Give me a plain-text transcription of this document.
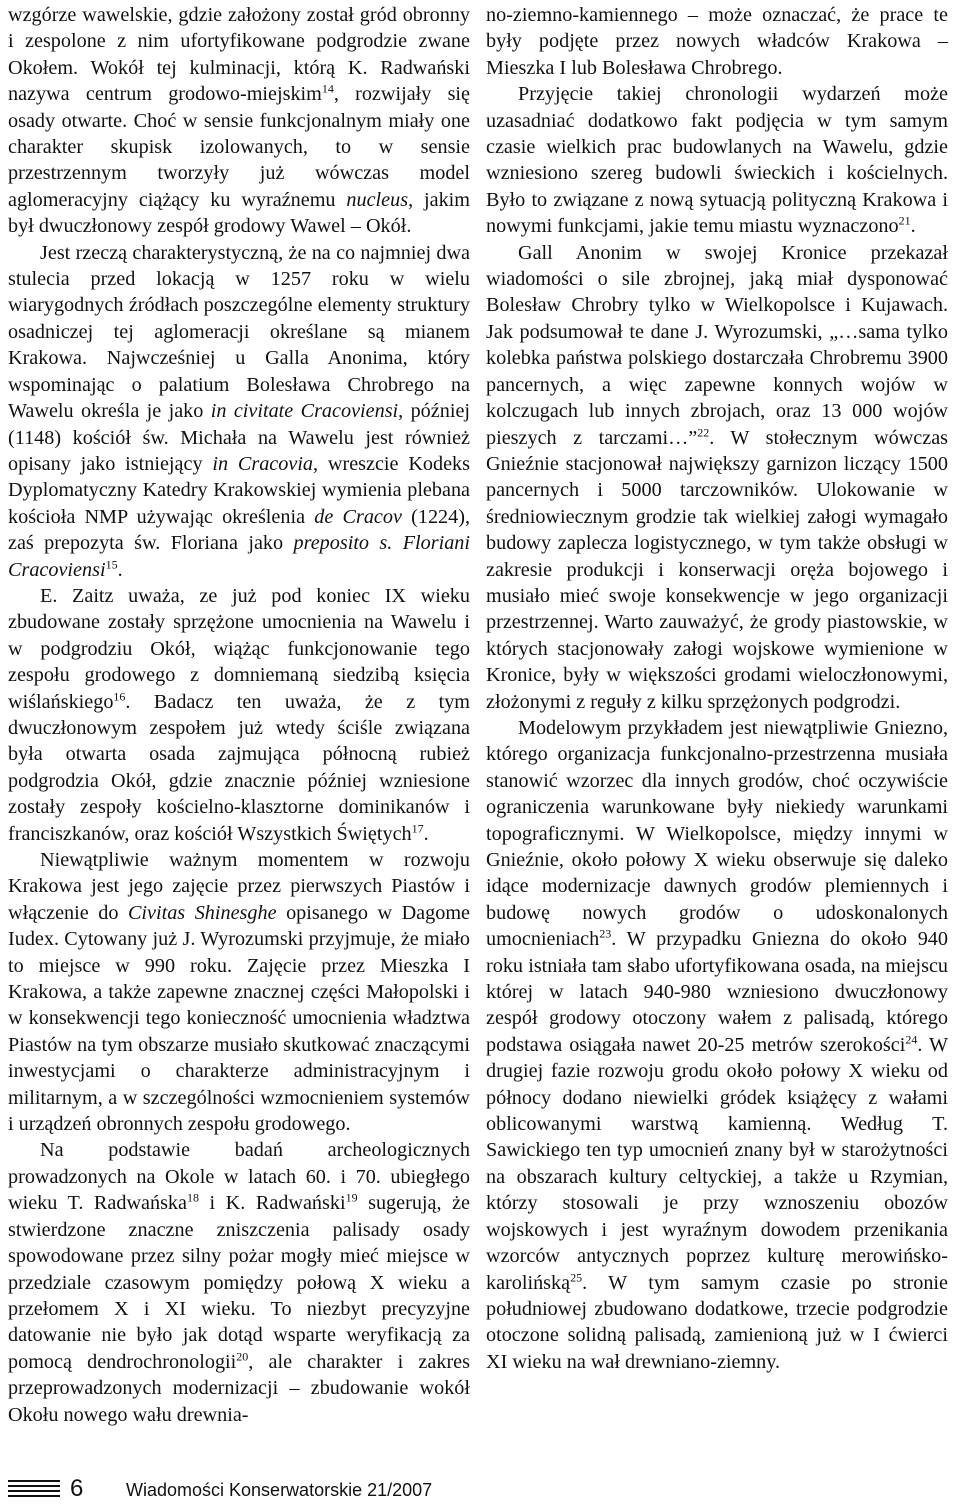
wzgórze wawelskie, gdzie założony został gród obronny i zespolone z nim ufortyfikowane podgrodzie zwane Okołem. Wokół tej kulminacji, którą K. Radwański nazywa centrum grodowo-miejskim$^{14}$, rozwijały się osady otwarte. Choć w sensie funkcjonalnym miały one charakter skupisk izolowanych, to w sensie przestrzennym tworzyły już wówczas model aglomeracyjny ciążący ku wyraźnemu nucleus, jakim był dwuczłonowy zespół grodowy Wawel – Okół.

Jest rzeczą charakterystyczną, że na co najmniej dwa stulecia przed lokacją w 1257 roku w wielu wiarygodnych źródłach poszczególne elementy struktury osadniczej tej aglomeracji określane są mianem Krakowa. Najwcześniej u Galla Anonima, który wspominając o palatium Bolesława Chrobrego na Wawelu określa je jako in civitate Cracoviensi, później (1148) kościół św. Michała na Wawelu jest również opisany jako istniejący in Cracovia, wreszcie Kodeks Dyplomatyczny Katedry Krakowskiej wymienia plebana kościoła NMP używając określenia de Cracov (1224), zaś prepozyta św. Floriana jako preposito s. Floriani Cracoviensi$^{15}$.

E. Zaitz uważa, ze już pod koniec IX wieku zbudowane zostały sprzężone umocnienia na Wawelu i w podgrodziu Okół, wiążąc funkcjonowanie tego zespołu grodowego z domniemaną siedzibą księcia wiślańskiego$^{16}$. Badacz ten uważa, że z tym dwuczłonowym zespołem już wtedy ściśle związana była otwarta osada zajmująca północną rubież podgrodzia Okół, gdzie znacznie później wzniesione zostały zespoły kościelno-klasztorne dominikanów i franciszkanów, oraz kościół Wszystkich Świętych$^{17}$.

Niewątpliwie ważnym momentem w rozwoju Krakowa jest jego zajęcie przez pierwszych Piastów i włączenie do Civitas Shinesghe opisanego w Dagome Iudex. Cytowany już J. Wyrozumski przyjmuje, że miało to miejsce w 990 roku. Zajęcie przez Mieszka I Krakowa, a także zapewne znacznej części Małopolski i w konsekwencji tego konieczność umocnienia władztwa Piastów na tym obszarze musiało skutkować znaczącymi inwestycjami o charakterze administracyjnym i militarnym, a w szczególności wzmocnieniem systemów i urządzeń obronnych zespołu grodowego.

Na podstawie badań archeologicznych prowadzonych na Okole w latach 60. i 70. ubiegłego wieku T. Radwańska$^{18}$ i K. Radwański$^{19}$ sugerują, że stwierdzone znaczne zniszczenia palisady osady spowodowane przez silny pożar mogły mieć miejsce w przedziale czasowym pomiędzy połową X wieku a przełomem X i XI wieku. To niezbyt precyzyjne datowanie nie było jak dotąd wsparte weryfikacją za pomocą dendrochronologii$^{20}$, ale charakter i zakres przeprowadzonych modernizacji – zbudowanie wokół Okołu nowego wału drewnia-

no-ziemno-kamiennego – może oznaczać, że prace te były podjęte przez nowych władców Krakowa – Mieszka I lub Bolesława Chrobrego.

Przyjęcie takiej chronologii wydarzeń może uzasadniać dodatkowo fakt podjęcia w tym samym czasie wielkich prac budowlanych na Wawelu, gdzie wzniesiono szereg budowli świeckich i kościelnych. Było to związane z nową sytuacją polityczną Krakowa i nowymi funkcjami, jakie temu miastu wyznaczono$^{21}$.

Gall Anonim w swojej Kronice przekazał wiadomości o sile zbrojnej, jaką miał dysponować Bolesław Chrobry tylko w Wielkopolsce i Kujawach. Jak podsumował te dane J. Wyrozumski, „…sama tylko kolebka państwa polskiego dostarczała Chrobremu 3900 pancernych, a więc zapewne konnych wojów w kolczugach lub innych zbrojach, oraz 13 000 wojów pieszych z tarczami…”$^{22}$. W stołecznym wówczas Gnieźnie stacjonował największy garnizon liczący 1500 pancernych i 5000 tarczowników. Ulokowanie w średniowiecznym grodzie tak wielkiej załogi wymagało budowy zaplecza logistycznego, w tym także obsługi w zakresie produkcji i konserwacji oręża bojowego i musiało mieć swoje konsekwencje w jego organizacji przestrzennej. Warto zauważyć, że grody piastowskie, w których stacjonowały załogi wojskowe wymienione w Kronice, były w większości grodami wieloczłonowymi, złożonymi z reguły z kilku sprzężonych podgrodzi.

Modelowym przykładem jest niewątpliwie Gniezno, którego organizacja funkcjonalno-przestrzenna musiała stanowić wzorzec dla innych grodów, choć oczywiście ograniczenia warunkowane były niekiedy warunkami topograficznymi. W Wielkopolsce, między innymi w Gnieźnie, około połowy X wieku obserwuje się daleko idące modernizacje dawnych grodów plemiennych i budowę nowych grodów o udoskonalonych umocnieniach$^{23}$. W przypadku Gniezna do około 940 roku istniała tam słabo ufortyfikowana osada, na miejscu której w latach 940-980 wzniesiono dwuczłonowy zespół grodowy otoczony wałem z palisadą, którego podstawa osiągała nawet 20-25 metrów szerokości$^{24}$. W drugiej fazie rozwoju grodu około połowy X wieku od północy dodano niewielki gródek książęcy z wałami oblicowanymi warstwą kamienną. Według T. Sawickiego ten typ umocnień znany był w starożytności na obszarach kultury celtyckiej, a także u Rzymian, którzy stosowali je przy wznoszeniu obozów wojskowych i jest wyraźnym dowodem przenikania wzorców antycznych poprzez kulturę merowińsko-karolińską$^{25}$. W tym samym czasie po stronie południowej zbudowano dodatkowe, trzecie podgrodzie otoczone solidną palisadą, zamienioną już w I ćwierci XI wieku na wał drewniano-ziemny.

6 Wiadomości Konserwatorskie 21/2007
